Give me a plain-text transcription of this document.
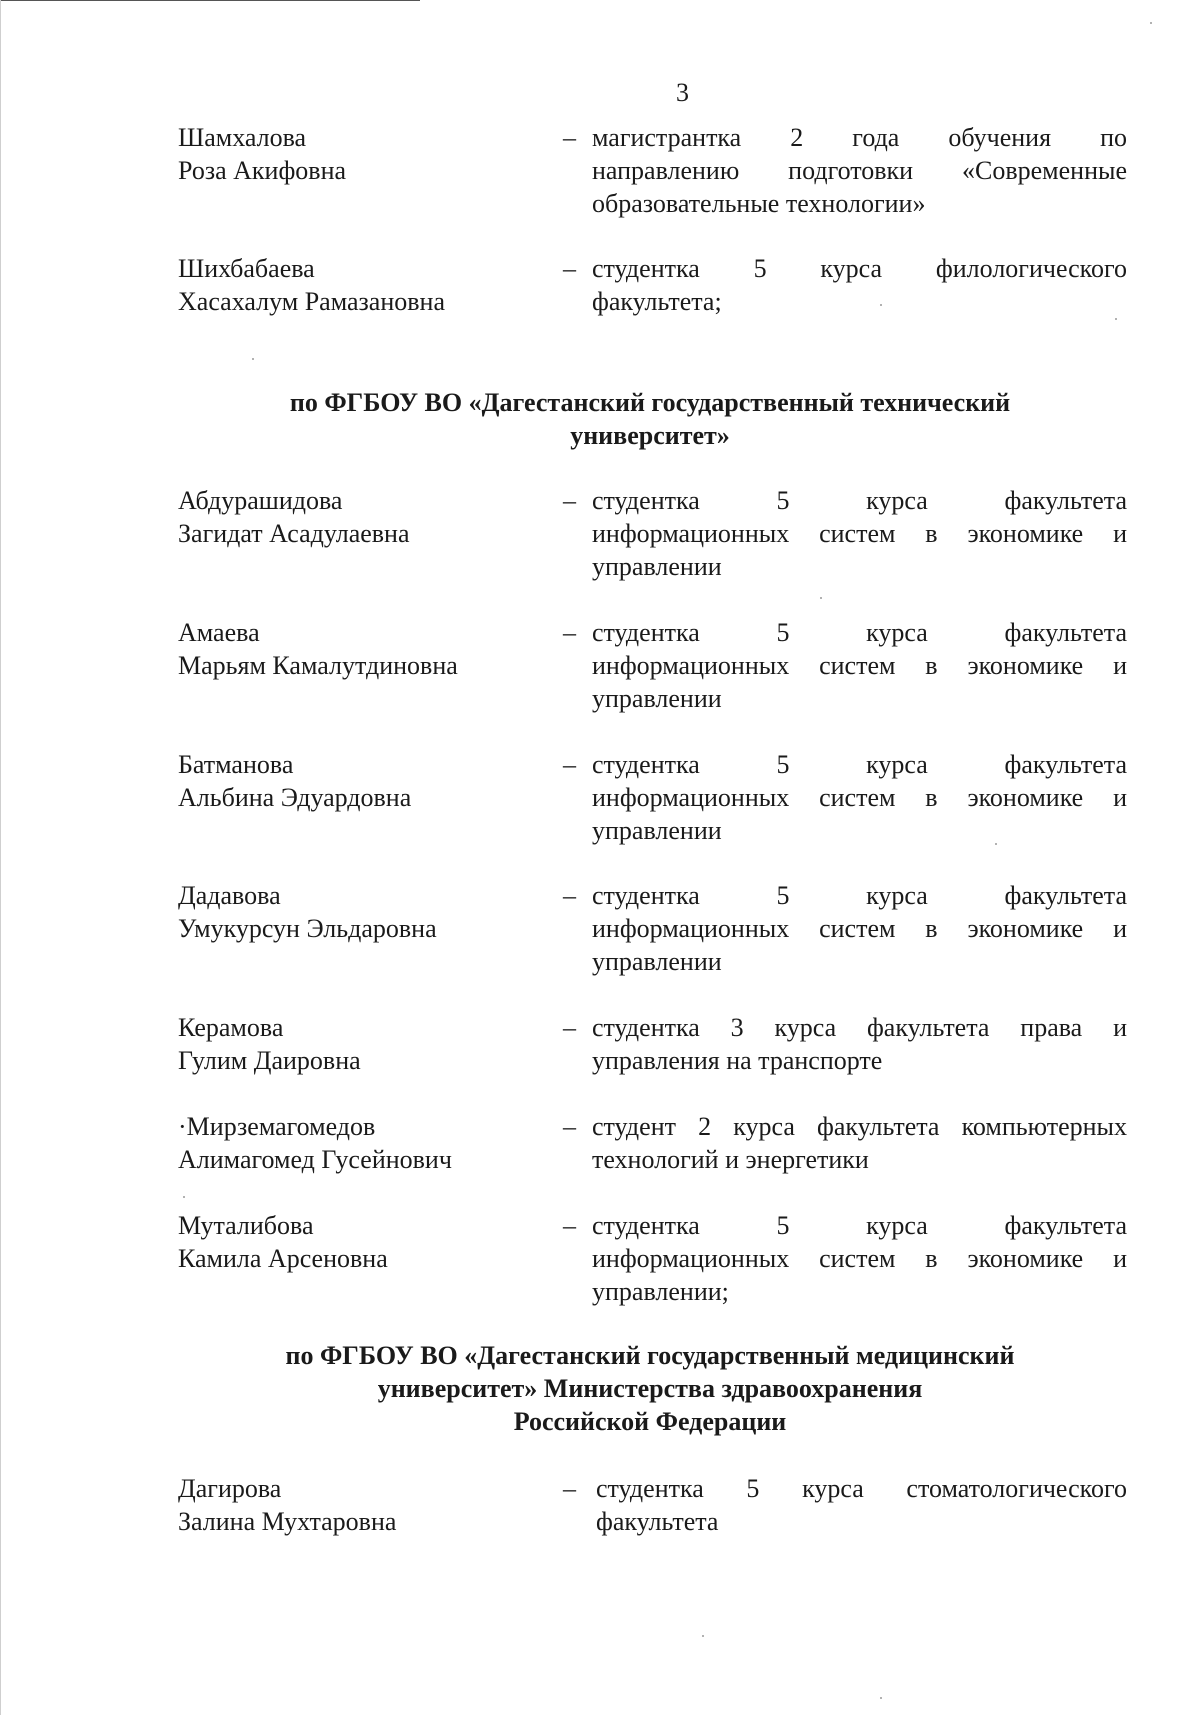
3
Шамхалова
Роза Акифовна
– магистрантка 2 года обучения по
направлению подготовки «Современные
образовательные технологии»
Шихбабаева
Хасахалум Рамазановна
– студентка 5 курса филологического
факультета;
по ФГБОУ ВО «Дагестанский государственный технический
университет»
Абдурашидова
Загидат Асадулаевна
– студентка 5 курса факультета
информационных систем в экономике и
управлении
Амаева
Марьям Камалутдиновна
– студентка 5 курса факультета
информационных систем в экономике и
управлении
Батманова
Альбина Эдуардовна
– студентка 5 курса факультета
информационных систем в экономике и
управлении
Дадавова
Умукурсун Эльдаровна
– студентка 5 курса факультета
информационных систем в экономике и
управлении
Керамова
Гулим Даировна
– студентка 3 курса факультета права и
управления на транспорте
·Мирземагомедов
Алимагомед Гусейнович
– студент 2 курса факультета компьютерных
технологий и энергетики
Муталибова
Камила Арсеновна
– студентка 5 курса факультета
информационных систем в экономике и
управлении;
по ФГБОУ ВО «Дагестанский государственный медицинский
университет» Министерства здравоохранения
Российской Федерации
Дагирова
Залина Мухтаровна
– студентка 5 курса стоматологического
факультета
